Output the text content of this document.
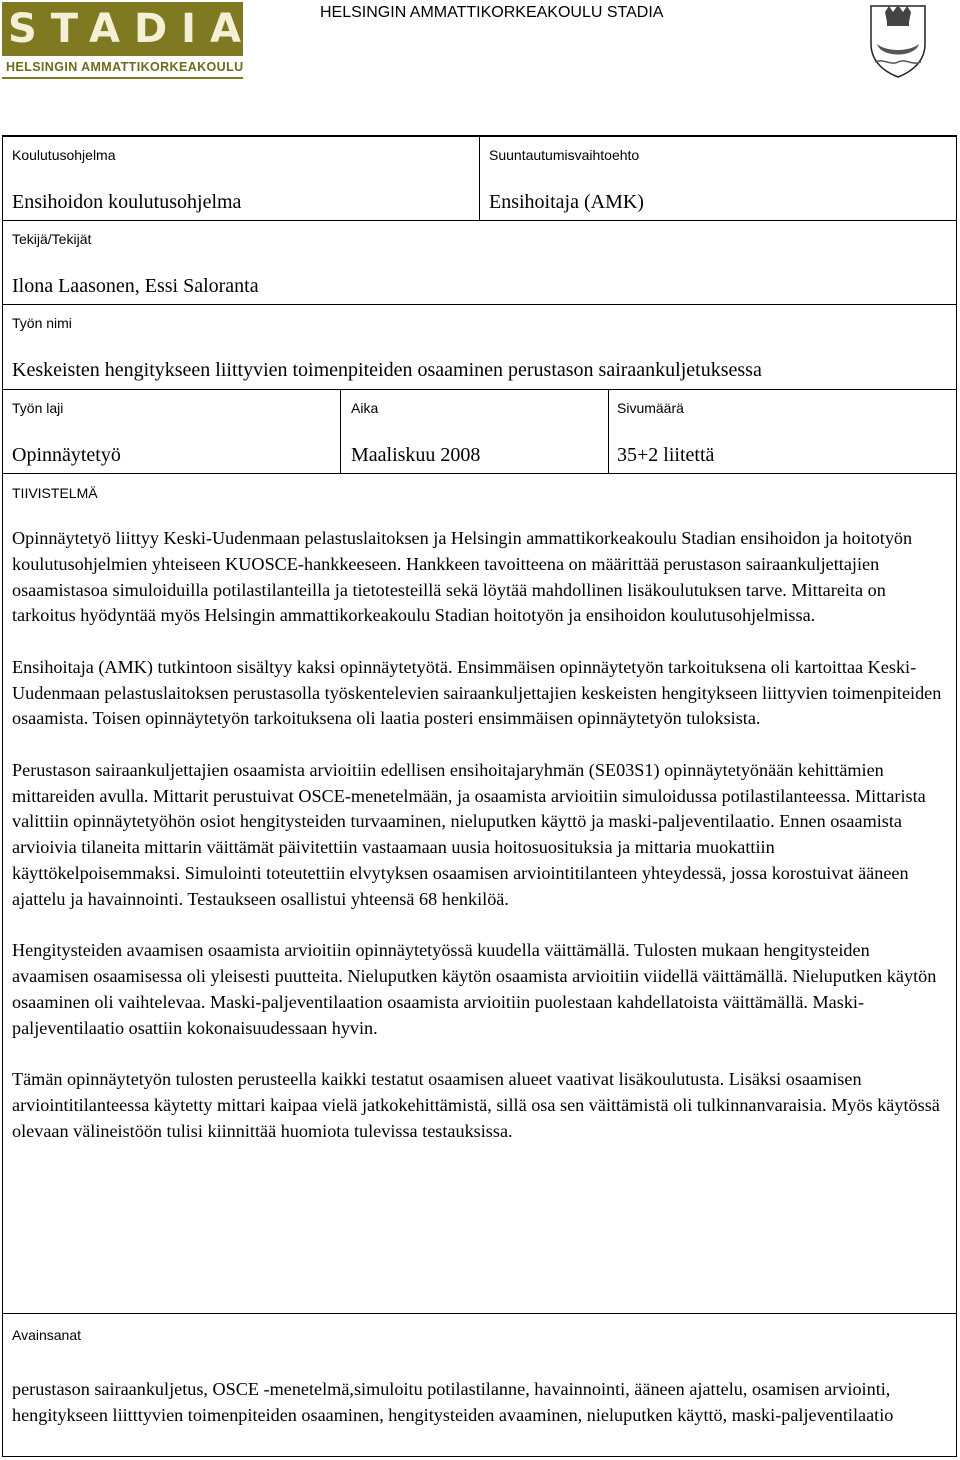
STADIA
HELSINGIN AMMATTIKORKEAKOULU
HELSINGIN AMMATTIKORKEAKOULU STADIA
Koulutusohjelma
Ensihoidon koulutusohjelma
Suuntautumisvaihtoehto
Ensihoitaja (AMK)
Tekijä/Tekijät
Ilona Laasonen, Essi Saloranta
Työn nimi
Keskeisten hengitykseen liittyvien toimenpiteiden osaaminen perustason sairaankuljetuksessa
Työn laji
Opinnäytetyö
Aika
Maaliskuu 2008
Sivumäärä
35+2 liitettä
TIIVISTELMÄ

Opinnäytetyö liittyy Keski-Uudenmaan pelastuslaitoksen ja Helsingin ammattikorkeakoulu Stadian ensihoidon ja hoitotyön koulutusohjelmien yhteiseen KUOSCE-hankkeeseen. Hankkeen tavoitteena on määrittää perustason sairaankuljettajien osaamistasoa simuloiduilla potilastilanteilla ja tietotesteillä sekä löytää mahdollinen lisäkoulutuksen tarve. Mittareita on tarkoitus hyödyntää myös Helsingin ammattikorkeakoulu Stadian hoitotyön ja ensihoidon koulutusohjelmissa.

Ensihoitaja (AMK) tutkintoon sisältyy kaksi opinnäytetyötä. Ensimmäisen opinnäytetyön tarkoituksena oli kartoittaa Keski-Uudenmaan pelastuslaitoksen perustasolla työskentelevien sairaankuljettajien keskeisten hengitykseen liittyvien toimenpiteiden osaamista. Toisen opinnäytetyön tarkoituksena oli laatia posteri ensimmäisen opinnäytetyön tuloksista.

Perustason sairaankuljettajien osaamista arvioitiin edellisen ensihoitajaryhmän (SE03S1) opinnäytetyönään kehittämien mittareiden avulla. Mittarit perustuivat OSCE-menetelmään, ja osaamista arvioitiin simuloidussa potilastilanteessa. Mittarista valittiin opinnäytetyöhön osiot hengitysteiden turvaaminen, nieluputken käyttö ja maski-paljeventilaatio. Ennen osaamista arvioivia tilaneita mittarin väittämät päivitettiin vastaamaan uusia hoitosuosituksia ja mittaria muokattiin käyttökelpoisemmaksi. Simulointi toteutettiin elvytyksen osaamisen arviointitilanteen yhteydessä, jossa korostuivat ääneen ajattelu ja havainnointi. Testaukseen osallistui yhteensä 68 henkilöä.

Hengitysteiden avaamisen osaamista arvioitiin opinnäytetyössä kuudella väittämällä. Tulosten mukaan hengitysteiden avaamisen osaamisessa oli yleisesti puutteita. Nieluputken käytön osaamista arvioitiin viidellä väittämällä. Nieluputken käytön osaaminen oli vaihtelevaa. Maski-paljeventilaation osaamista arvioitiin puolestaan kahdellatoista väittämällä. Maski-paljeventilaatio osattiin kokonaisuudessaan hyvin.

Tämän opinnäytetyön tulosten perusteella kaikki testatut osaamisen alueet vaativat lisäkoulutusta. Lisäksi osaamisen arviointitilanteessa käytetty mittari kaipaa vielä jatkokehittämistä, sillä osa sen väittämistä oli tulkinnanvaraisia. Myös käytössä olevaan välineistöön tulisi kiinnittää huomiota tulevissa testauksissa.

Avainsanat
perustason sairaankuljetus, OSCE -menetelmä,simuloitu potilastilanne, havainnointi, ääneen ajattelu, osamisen arviointi, hengitykseen liitttyvien toimenpiteiden osaaminen, hengitysteiden avaaminen, nieluputken käyttö, maski-paljeventilaatio
